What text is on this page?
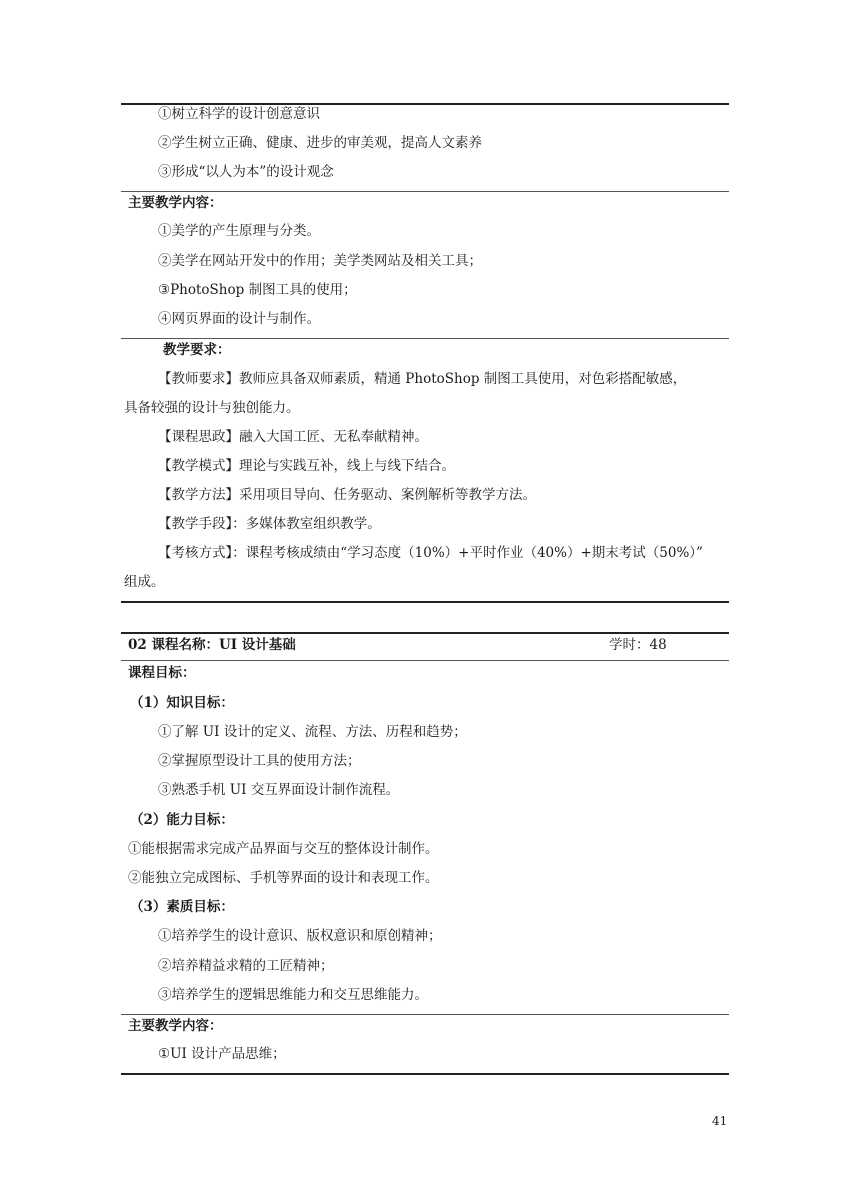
①树立科学的设计创意意识
②学生树立正确、健康、进步的审美观，提高人文素养
③形成“以人为本”的设计观念
主要教学内容：
①美学的产生原理与分类。
②美学在网站开发中的作用；美学类网站及相关工具；
③PhotoShop 制图工具的使用；
④网页界面的设计与制作。
教学要求：
【教师要求】教师应具备双师素质，精通 PhotoShop 制图工具使用，对色彩搭配敏感，
具备较强的设计与独创能力。
【课程思政】融入大国工匠、无私奉献精神。
【教学模式】理论与实践互补，线上与线下结合。
【教学方法】采用项目导向、任务驱动、案例解析等教学方法。
【教学手段】：多媒体教室组织教学。
【考核方式】：课程考核成绩由“学习态度（10%）+平时作业（40%）+期末考试（50%）”
组成。
02 课程名称：UI 设计基础	学时：48
课程目标：
（1）知识目标：
①了解 UI 设计的定义、流程、方法、历程和趋势；
②掌握原型设计工具的使用方法；
③熟悉手机 UI 交互界面设计制作流程。
（2）能力目标：
①能根据需求完成产品界面与交互的整体设计制作。
②能独立完成图标、手机等界面的设计和表现工作。
（3）素质目标：
①培养学生的设计意识、版权意识和原创精神；
②培养精益求精的工匠精神；
③培养学生的逻辑思维能力和交互思维能力。
主要教学内容：
①UI 设计产品思维；
41
